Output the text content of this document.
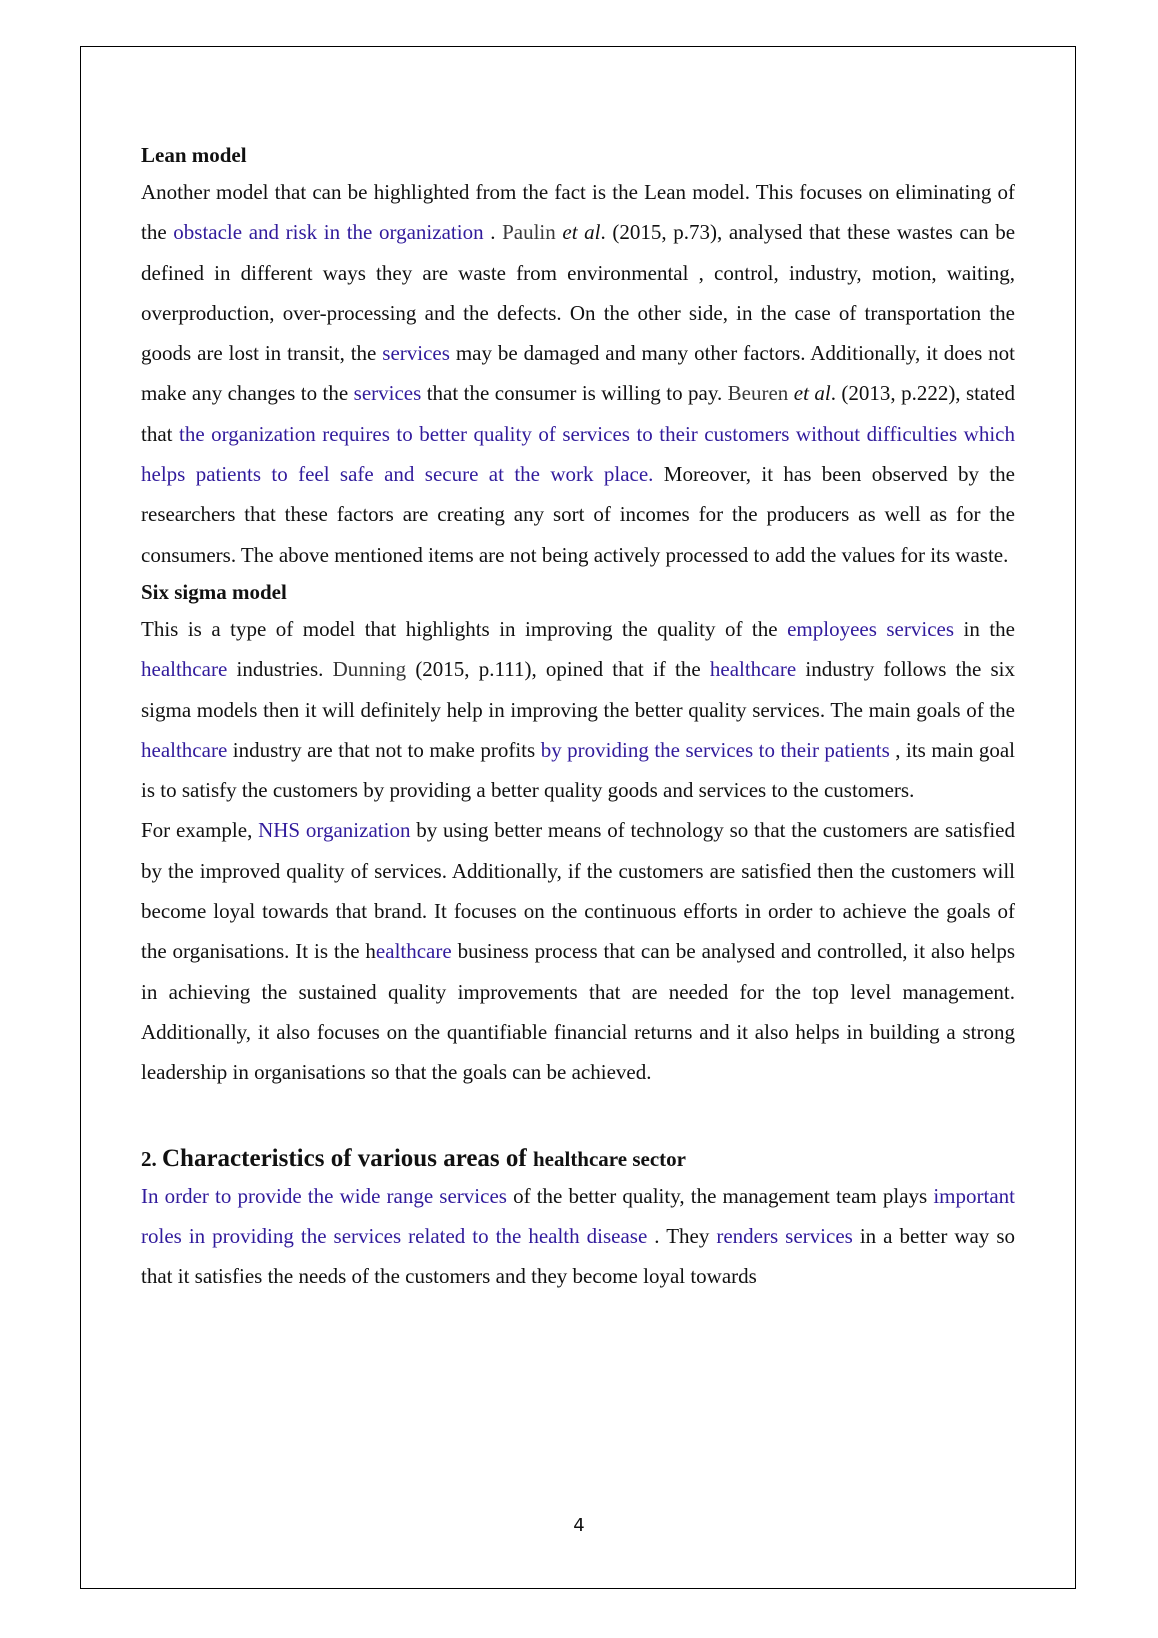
Lean model

Another model that can be highlighted from the fact is the Lean model. This focuses on eliminating of the obstacle and risk in the organization . Paulin et al. (2015, p.73), analysed that these wastes can be defined in different ways they are waste from environmental , control, industry, motion, waiting, overproduction, over-processing and the defects. On the other side, in the case of transportation the goods are lost in transit, the services may be damaged and many other factors. Additionally, it does not make any changes to the services that the consumer is willing to pay. Beuren et al. (2013, p.222), stated that the organization requires to better quality of services to their customers without difficulties which helps patients to feel safe and secure at the work place. Moreover, it has been observed by the researchers that these factors are creating any sort of incomes for the producers as well as for the consumers. The above mentioned items are not being actively processed to add the values for its waste.

Six sigma model

This is a type of model that highlights in improving the quality of the employees services in the healthcare industries. Dunning (2015, p.111), opined that if the healthcare industry follows the six sigma models then it will definitely help in improving the better quality services. The main goals of the healthcare industry are that not to make profits by providing the services to their patients , its main goal is to satisfy the customers by providing a better quality goods and services to the customers.

For example, NHS organization by using better means of technology so that the customers are satisfied by the improved quality of services. Additionally, if the customers are satisfied then the customers will become loyal towards that brand. It focuses on the continuous efforts in order to achieve the goals of the organisations. It is the healthcare business process that can be analysed and controlled, it also helps in achieving the sustained quality improvements that are needed for the top level management. Additionally, it also focuses on the quantifiable financial returns and it also helps in building a strong leadership in organisations so that the goals can be achieved.

2. Characteristics of various areas of healthcare sector

In order to provide the wide range services of the better quality, the management team plays important roles in providing the services related to the health disease . They renders services in a better way so that it satisfies the needs of the customers and they become loyal towards

4
